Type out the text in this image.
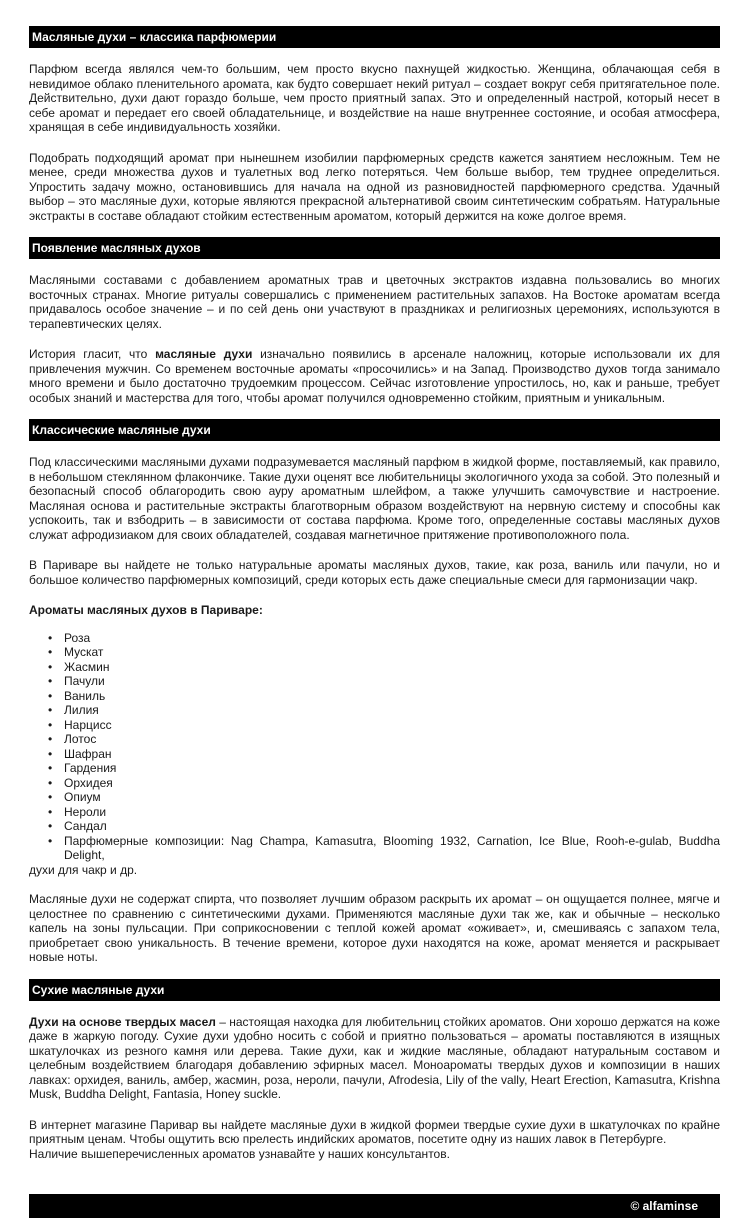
Масляные духи – классика парфюмерии

Парфюм всегда являлся чем-то большим, чем просто вкусно пахнущей жидкостью. Женщина, облачающая себя в невидимое облако пленительного аромата, как будто совершает некий ритуал – создает вокруг себя притягательное поле. Действительно, духи дают гораздо больше, чем просто приятный запах. Это и определенный настрой, который несет в себе аромат и передает его своей обладательнице, и воздействие на наше внутреннее состояние, и особая атмосфера, хранящая в себе индивидуальность хозяйки.

Подобрать подходящий аромат при нынешнем изобилии парфюмерных средств кажется занятием несложным. Тем не менее, среди множества духов и туалетных вод легко потеряться. Чем больше выбор, тем труднее определиться. Упростить задачу можно, остановившись для начала на одной из разновидностей парфюмерного средства. Удачный выбор – это масляные духи, которые являются прекрасной альтернативой своим синтетическим собратьям. Натуральные экстракты в составе обладают стойким естественным ароматом, который держится на коже долгое время.

Появление масляных духов

Масляными составами с добавлением ароматных трав и цветочных экстрактов издавна пользовались во многих восточных странах. Многие ритуалы совершались с применением растительных запахов. На Востоке ароматам всегда придавалось особое значение – и по сей день они участвуют в праздниках и религиозных церемониях, используются в терапевтических целях.

История гласит, что масляные духи изначально появились в арсенале наложниц, которые использовали их для привлечения мужчин. Со временем восточные ароматы «просочились» и на Запад. Производство духов тогда занимало много времени и было достаточно трудоемким процессом. Сейчас изготовление упростилось, но, как и раньше, требует особых знаний и мастерства для того, чтобы аромат получился одновременно стойким, приятным и уникальным.

Классические масляные духи

Под классическими масляными духами подразумевается масляный парфюм в жидкой форме, поставляемый, как правило, в небольшом стеклянном флакончике. Такие духи оценят все любительницы экологичного ухода за собой. Это полезный и безопасный способ облагородить свою ауру ароматным шлейфом, а также улучшить самочувствие и настроение. Масляная основа и растительные экстракты благотворным образом воздействуют на нервную систему и способны как успокоить, так и взбодрить – в зависимости от состава парфюма. Кроме того, определенные составы масляных духов служат афродизиаком для своих обладателей, создавая магнетичное притяжение противоположного пола.

В Париваре вы найдете не только натуральные ароматы масляных духов, такие, как роза, ваниль или пачули, но и большое количество парфюмерных композиций, среди которых есть даже специальные смеси для гармонизации чакр.

Ароматы масляных духов в Париваре:

• Роза
• Мускат
• Жасмин
• Пачули
• Ваниль
• Лилия
• Нарцисс
• Лотос
• Шафран
• Гардения
• Орхидея
• Опиум
• Нероли
• Сандал
• Парфюмерные композиции: Nag Champa, Kamasutra, Blooming 1932, Carnation, Ice Blue, Rooh-e-gulab, Buddha Delight,
духи для чакр и др.

Масляные духи не содержат спирта, что позволяет лучшим образом раскрыть их аромат – он ощущается полнее, мягче и целостнее по сравнению с синтетическими духами. Применяются масляные духи так же, как и обычные – несколько капель на зоны пульсации. При соприкосновении с теплой кожей аромат «оживает», и, смешиваясь с запахом тела, приобретает свою уникальность. В течение времени, которое духи находятся на коже, аромат меняется и раскрывает новые ноты.

Сухие масляные духи

Духи на основе твердых масел – настоящая находка для любительниц стойких ароматов. Они хорошо держатся на коже даже в жаркую погоду. Сухие духи удобно носить с собой и приятно пользоваться – ароматы поставляются в изящных шкатулочках из резного камня или дерева. Такие духи, как и жидкие масляные, обладают натуральным составом и целебным воздействием благодаря добавлению эфирных масел. Моноароматы твердых духов и композиции в наших лавках: орхидея, ваниль, амбер, жасмин, роза, нероли, пачули, Afrodesia, Lily of the vally, Heart Erection, Kamasutra, Krishna Musk, Buddha Delight, Fantasia, Honey suckle.

В интернет магазине Паривар вы найдете масляные духи в жидкой формеи твердые сухие духи в шкатулочках по крайне приятным ценам. Чтобы ощутить всю прелесть индийских ароматов, посетите одну из наших лавок в Петербурге.
Наличие вышеперечисленных ароматов узнавайте у наших консультантов.

© alfaminse
